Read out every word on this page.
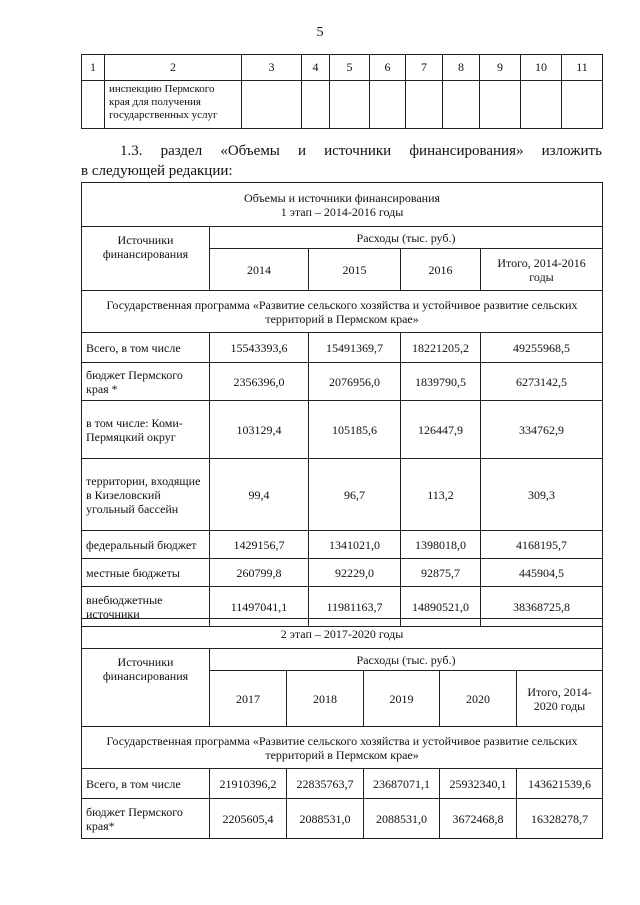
5
1	2	3	4	5	6	7	8	9	10	11
	инспекцию Пермского края для получения государственных услуг									
1.3. раздел «Объемы и источники финансирования» изложить
в следующей редакции:
Объемы и источники финансирования
1 этап – 2014-2016 годы				

Источники финансирования	Расходы (тыс. руб.)			
	2014	2015	2016	Итого, 2014-2016 годы
Государственная программа «Развитие сельского хозяйства и устойчивое развитие сельских территорий в Пермском крае»				
Всего, в том числе	15543393,6	15491369,7	18221205,2	49255968,5
бюджет Пермского края *	2356396,0	2076956,0	1839790,5	6273142,5
в том числе: Коми-Пермяцкий округ	103129,4	105185,6	126447,9	334762,9
территории, входящие в Кизеловский угольный бассейн	99,4	96,7	113,2	309,3
федеральный бюджет	1429156,7	1341021,0	1398018,0	4168195,7
местные бюджеты	260799,8	92229,0	92875,7	445904,5
внебюджетные источники	11497041,1	11981163,7	14890521,0	38368725,8
2 этап – 2017-2020 годы					
Источники финансирования	Расходы (тыс. руб.)				
	2017	2018	2019	2020	Итого, 2014-2020 годы
Государственная программа «Развитие сельского хозяйства и устойчивое развитие сельских территорий в Пермском крае»					
Всего, в том числе	21910396,2	22835763,7	23687071,1	25932340,1	143621539,6
бюджет Пермского края*	2205605,4	2088531,0	2088531,0	3672468,8	16328278,7
